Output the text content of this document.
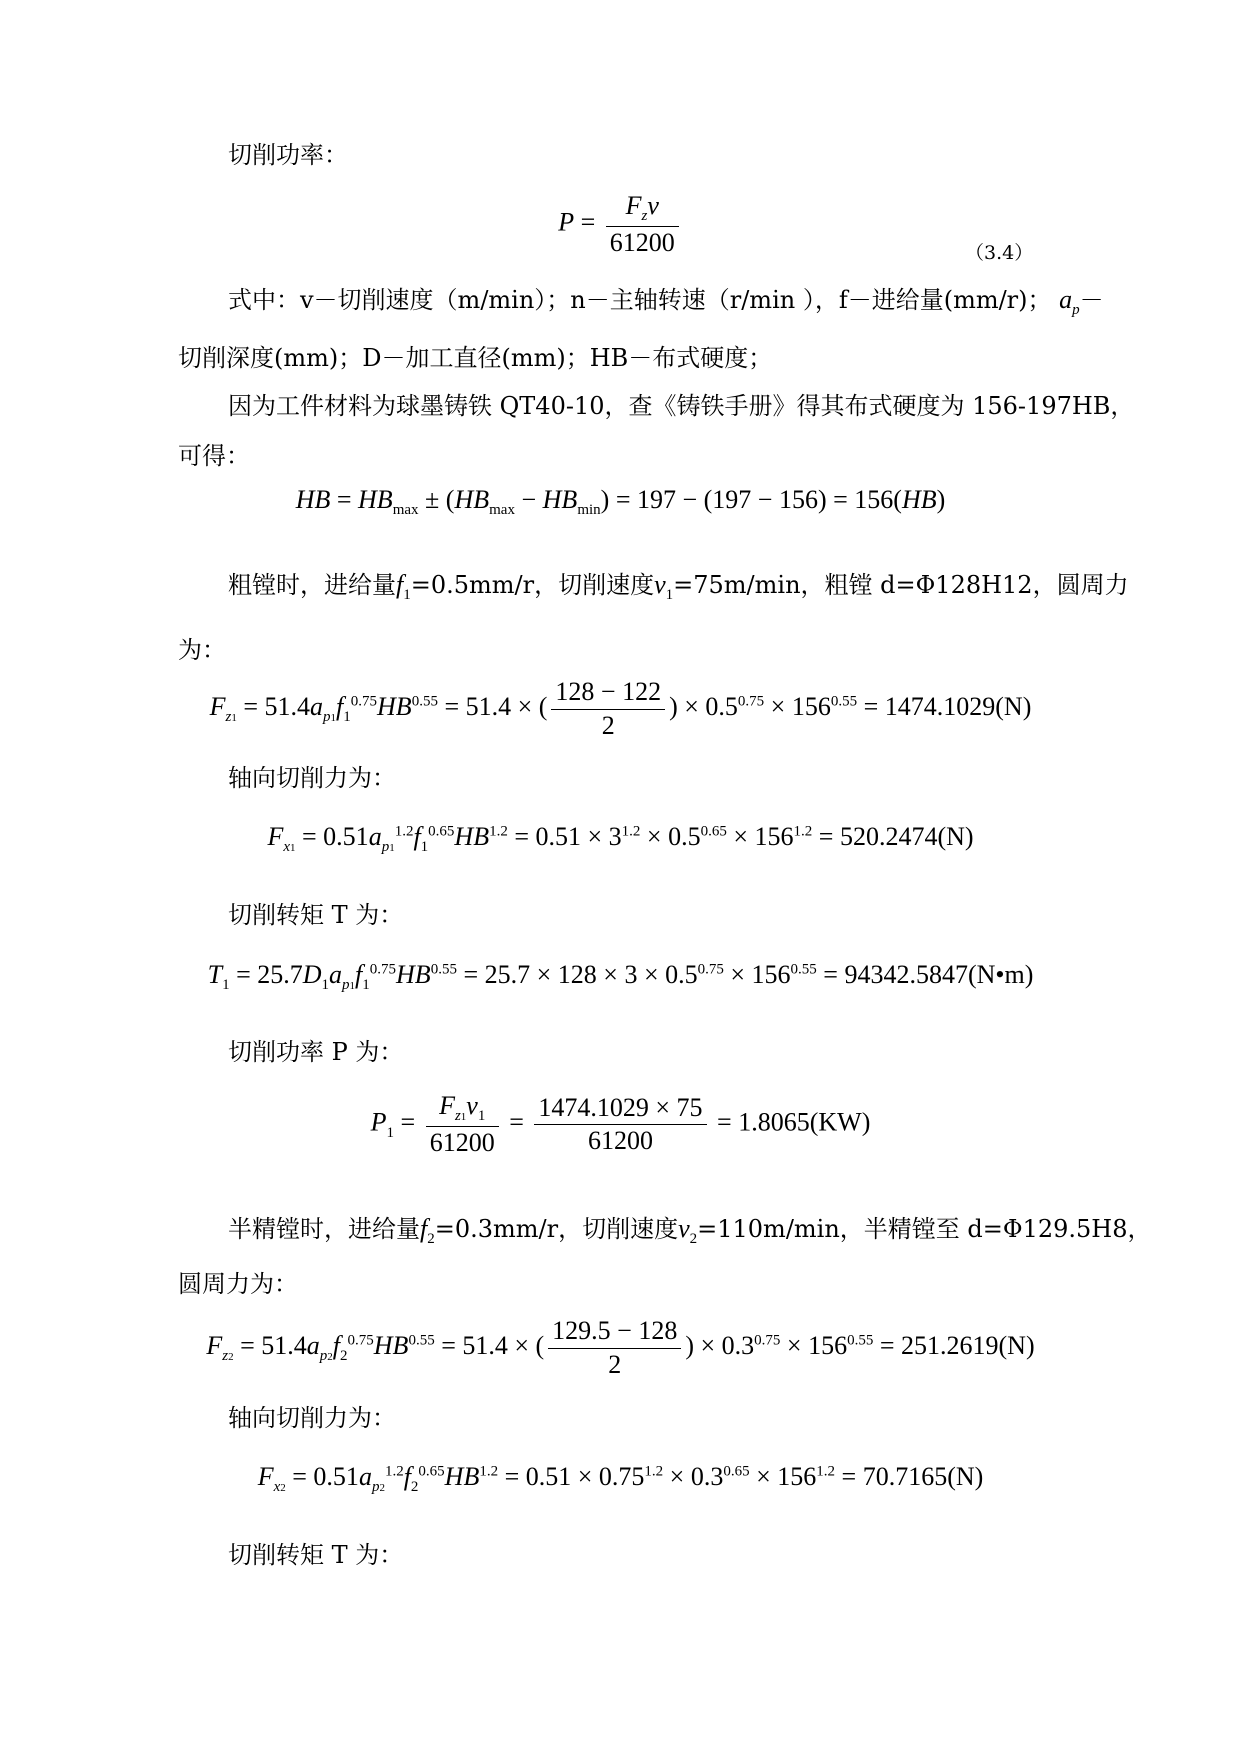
切削功率：
$P = \frac{F_zv}{61200}$	（3.4）
式中：v－切削速度（m/min）；n－主轴转速（r/min ），f－进给量(mm/r)； $a_p-$
切削深度(mm)；D－加工直径(mm)；HB－布式硬度；
因为工件材料为球墨铸铁 QT40-10，查《铸铁手册》得其布式硬度为 156-197HB，
可得：
HB = $HB_{max} \pm (HB_{max} - HB_{min}) = 197 - (197 - 156) = 156(HB)$
粗镗时，进给量$f_1=0.5mm/r$，切削速度$v_1=75m/\min$，粗镗 d=Φ128H12，圆周力
为：
$F_{z1} = 51.4a_{p1}f_1^{0.75}HB^{0.55} = 51.4$ × ( $\frac{128 - 122}{2}$ ) × $0.5^{0.75} \times 156^{0.55} = 1474.1029(N)$
轴向切削力为：
$F_{x1} = 0.51a_{p1}^{1.2}f_1^{0.65}HB^{1.2} = 0.51 \times 3^{1.2} \times 0.5^{0.65} \times 156^{1.2} = 520.2474(N)$
切削转矩 T 为：
$T_1 = 25.7D_1a_{p1}f_1^{0.75}HB^{0.55} = 25.7 \times 128 \times 3 \times 0.5^{0.75} \times 156^{0.55}$ = 94342.5847(N•m)
切削功率 P 为：
$P_1 = \frac{F_{z1}v_1}{61200} = \frac{1474.1029 \times 75}{61200} = 1.8065(KW)$
半精镗时，进给量$f_2=0.3mm/r$，切削速度$v_2=110m/\min$，半精镗至 d=Φ129.5H8，
圆周力为：
$F_{z2} = 51.4a_{p2}f_2^{0.75}HB^{0.55} = 51.4$ × ( $\frac{129.5 - 128}{2}$ ) × $0.3^{0.75} \times 156^{0.55} = 251.2619(N)$
轴向切削力为：
$F_{x2} = 0.51a_{p2}^{1.2}f_2^{0.65}HB^{1.2} = 0.51 \times 0.75^{1.2} \times 0.3^{0.65} \times 156^{1.2} = 70.7165(N)$
切削转矩 T 为：
